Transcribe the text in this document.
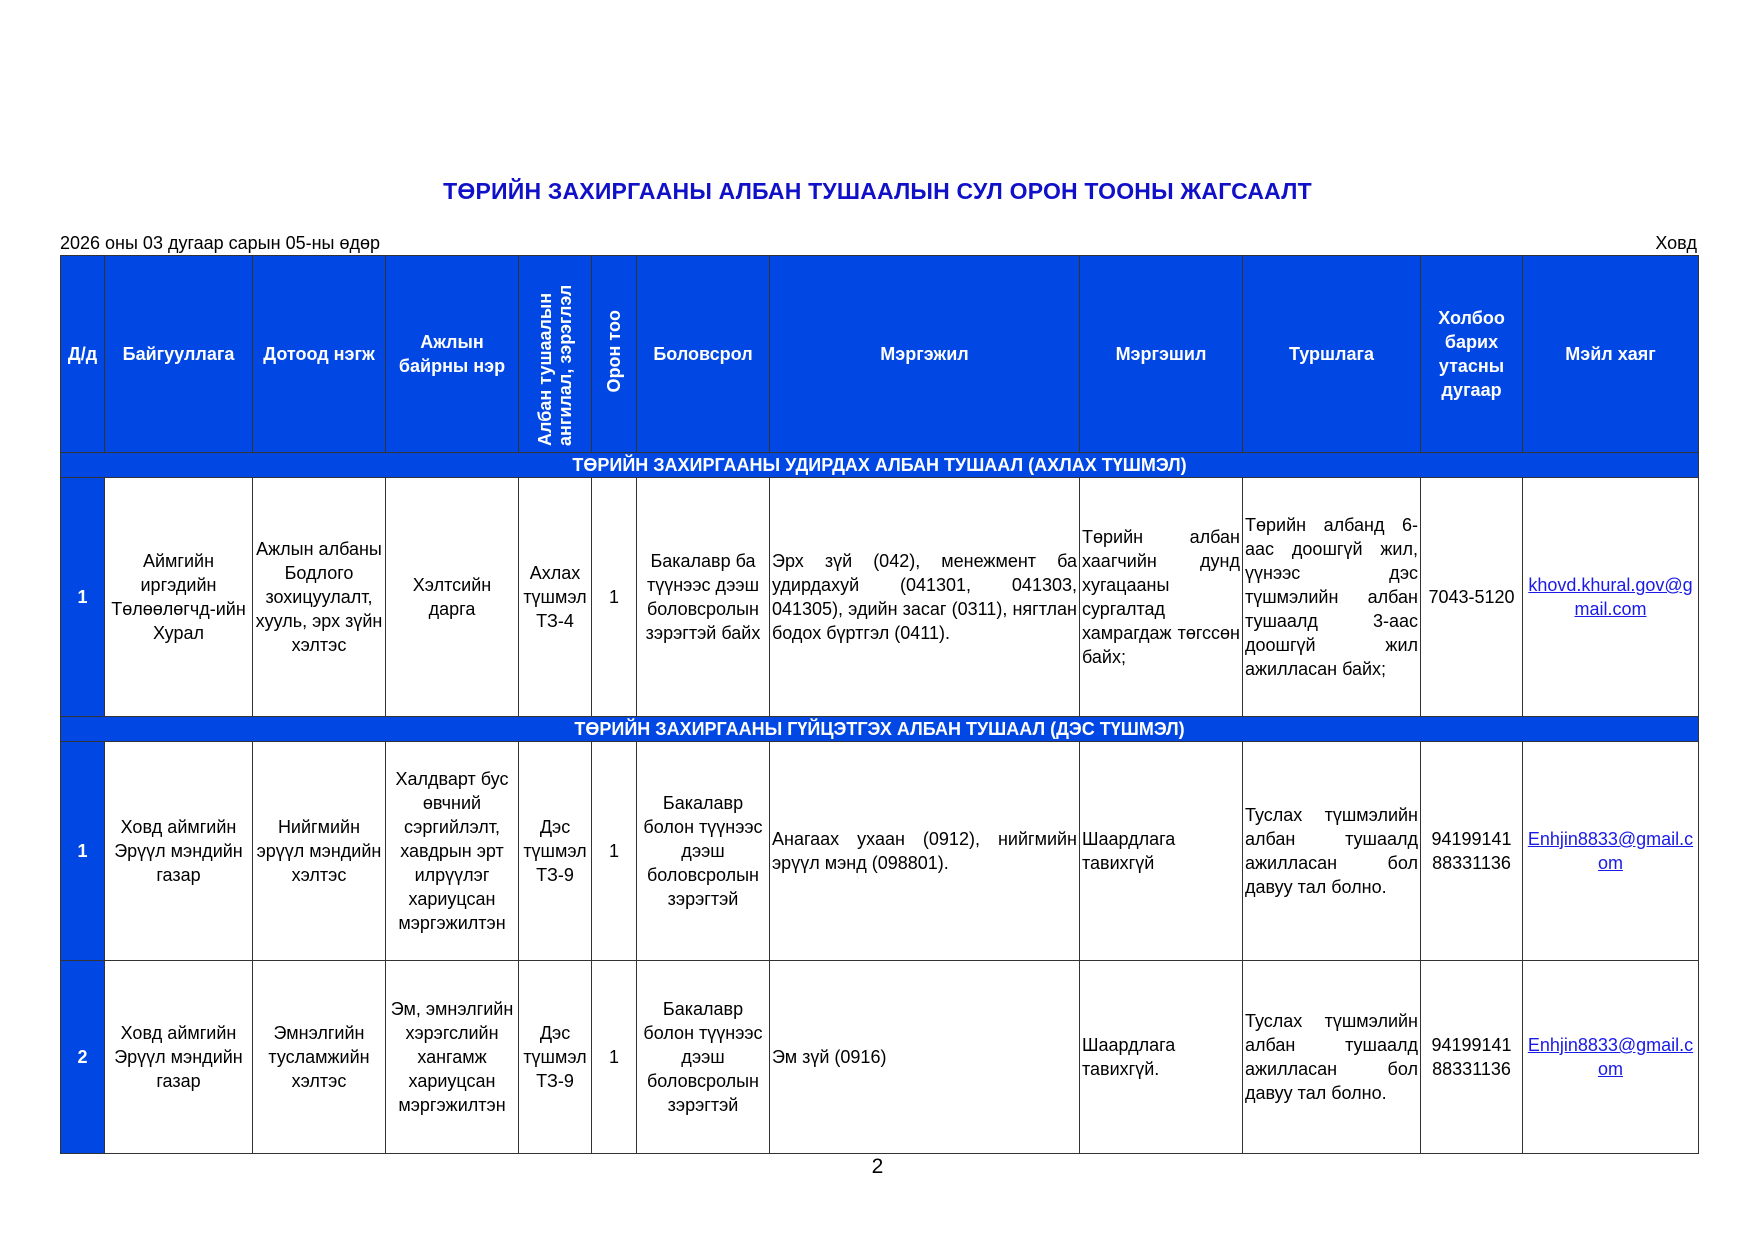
ТӨРИЙН ЗАХИРГААНЫ АЛБАН ТУШААЛЫН СУЛ ОРОН ТООНЫ ЖАГСААЛТ
2026 оны 03 дугаар сарын 05-ны өдөр	Ховд
Д/д	Байгууллага	Дотоод нэгж	Ажлын байрны нэр	Албан тушаалын ангилал, зэрэглэл	Орон тоо	Боловсрол	Мэргэжил	Мэргэшил	Туршлага	Холбоо барих утасны дугаар	Мэйл хаяг
ТӨРИЙН ЗАХИРГААНЫ УДИРДАХ АЛБАН ТУШААЛ (АХЛАХ ТҮШМЭЛ)											
1	Аймгийн иргэдийн Төлөөлөгчд-ийн Хурал	Ажлын албаны Бодлого зохицуулалт, хууль, эрх зүйн хэлтэс	Хэлтсийн дарга	Ахлах түшмэл ТЗ-4	1	Бакалавр ба түүнээс дээш боловсролын зэрэгтэй байх	Эрх зүй (042), менежмент ба удирдахуй (041301, 041303, 041305), эдийн засаг (0311), нягтлан бодох бүртгэл (0411).	Төрийн албан хаагчийн дунд хугацааны сургалтад хамрагдаж төгссөн байх;	Төрийн албанд 6-аас доошгүй жил, үүнээс дэс түшмэлийн албан тушаалд 3-аас доошгүй жил ажилласан байх;	7043-5120	khovd.khural.gov@gmail.com
ТӨРИЙН ЗАХИРГААНЫ ГҮЙЦЭТГЭХ АЛБАН ТУШААЛ (ДЭС ТҮШМЭЛ)											
1	Ховд аймгийн Эрүүл мэндийн газар	Нийгмийн эрүүл мэндийн хэлтэс	Халдварт бус өвчний сэргийлэлт, хавдрын эрт илрүүлэг хариуцсан мэргэжилтэн	Дэс түшмэл ТЗ-9	1	Бакалавр болон түүнээс дээш боловсролын зэрэгтэй	Анагаах ухаан (0912), нийгмийн эрүүл мэнд (098801).	Шаардлага тавихгүй	Туслах түшмэлийн албан тушаалд ажилласан бол давуу тал болно.	94199141 88331136	Enhjin8833@gmail.com
2	Ховд аймгийн Эрүүл мэндийн газар	Эмнэлгийн тусламжийн хэлтэс	Эм, эмнэлгийн хэрэгслийн хангамж хариуцсан мэргэжилтэн	Дэс түшмэл ТЗ-9	1	Бакалавр болон түүнээс дээш боловсролын зэрэгтэй	Эм зүй (0916)	Шаардлага тавихгүй.	Туслах түшмэлийн албан тушаалд ажилласан бол давуу тал болно.	94199141 88331136	Enhjin8833@gmail.com
2
